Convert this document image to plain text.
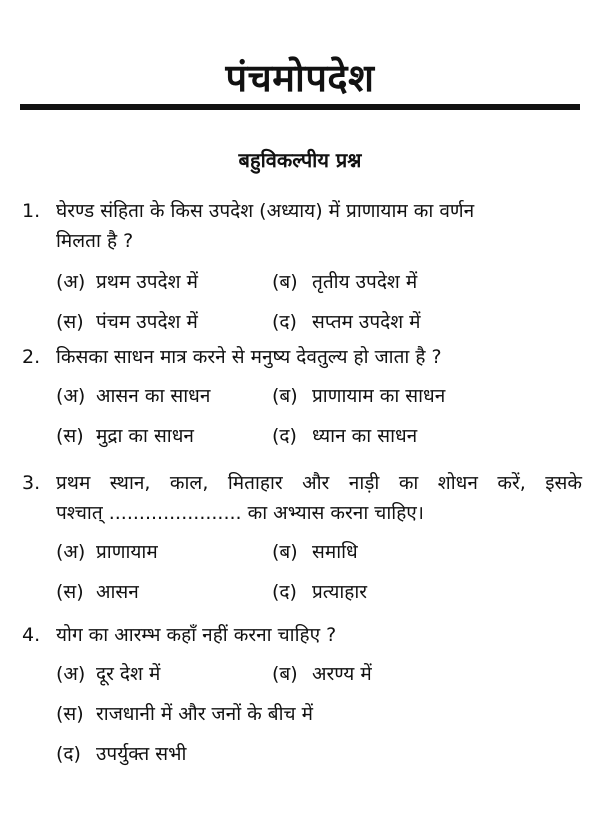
पंचमोपदेश
बहुविकल्पीय प्रश्न
1. घेरण्ड संहिता के किस उपदेश (अध्याय) में प्राणायाम का वर्णन
मिलता है ?
(अ) प्रथम उपदेश में	(ब) तृतीय उपदेश में
(स) पंचम उपदेश में	(द) सप्तम उपदेश में
2. किसका साधन मात्र करने से मनुष्य देवतुल्य हो जाता है ?
(अ) आसन का साधन	(ब) प्राणायाम का साधन
(स) मुद्रा का साधन	(द) ध्यान का साधन
3. प्रथम स्थान, काल, मिताहार और नाड़ी का शोधन करें, इसके
पश्चात् ...................... का अभ्यास करना चाहिए।
(अ) प्राणायाम	(ब) समाधि
(स) आसन	(द) प्रत्याहार
4. योग का आरम्भ कहाँ नहीं करना चाहिए ?
(अ) दूर देश में	(ब) अरण्य में
(स) राजधानी में और जनों के बीच में
(द) उपर्युक्त सभी
